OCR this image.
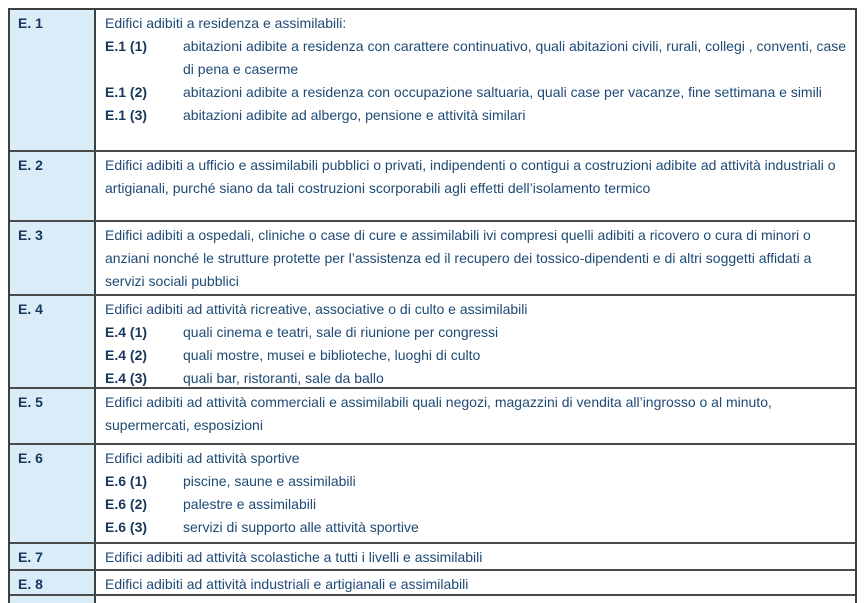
E. 1	Edifici adibiti a residenza e assimilabili:
E.1 (1)	abitazioni adibite a residenza con carattere continuativo, quali abitazioni civili, rurali, collegi , conventi, case di pena e caserme
E.1 (2)	abitazioni adibite a residenza con occupazione saltuaria, quali case per vacanze, fine settimana e simili
E.1 (3)	abitazioni adibite ad albergo, pensione e attività similari
E. 2	Edifici adibiti a ufficio e assimilabili pubblici o privati, indipendenti o contigui a costruzioni adibite ad attività industriali o artigianali, purché siano da tali costruzioni scorporabili agli effetti dell’isolamento termico
E. 3	Edifici adibiti a ospedali, cliniche o case di cure e assimilabili ivi compresi quelli adibiti a ricovero o cura di minori o anziani nonché le strutture protette per l’assistenza ed il recupero dei tossico-dipendenti e di altri soggetti affidati a servizi sociali pubblici
E. 4	Edifici adibiti ad attività ricreative, associative o di culto e assimilabili
E.4 (1)	quali cinema e teatri, sale di riunione per congressi
E.4 (2)	quali mostre, musei e biblioteche, luoghi di culto
E.4 (3)	quali bar, ristoranti, sale da ballo
E. 5	Edifici adibiti ad attività commerciali e assimilabili quali negozi, magazzini di vendita all’ingrosso o al minuto, supermercati, esposizioni
E. 6	Edifici adibiti ad attività sportive
E.6 (1)	piscine, saune e assimilabili
E.6 (2)	palestre e assimilabili
E.6 (3)	servizi di supporto alle attività sportive
E. 7	Edifici adibiti ad attività scolastiche a tutti i livelli e assimilabili
E. 8	Edifici adibiti ad attività industriali e artigianali e assimilabili
